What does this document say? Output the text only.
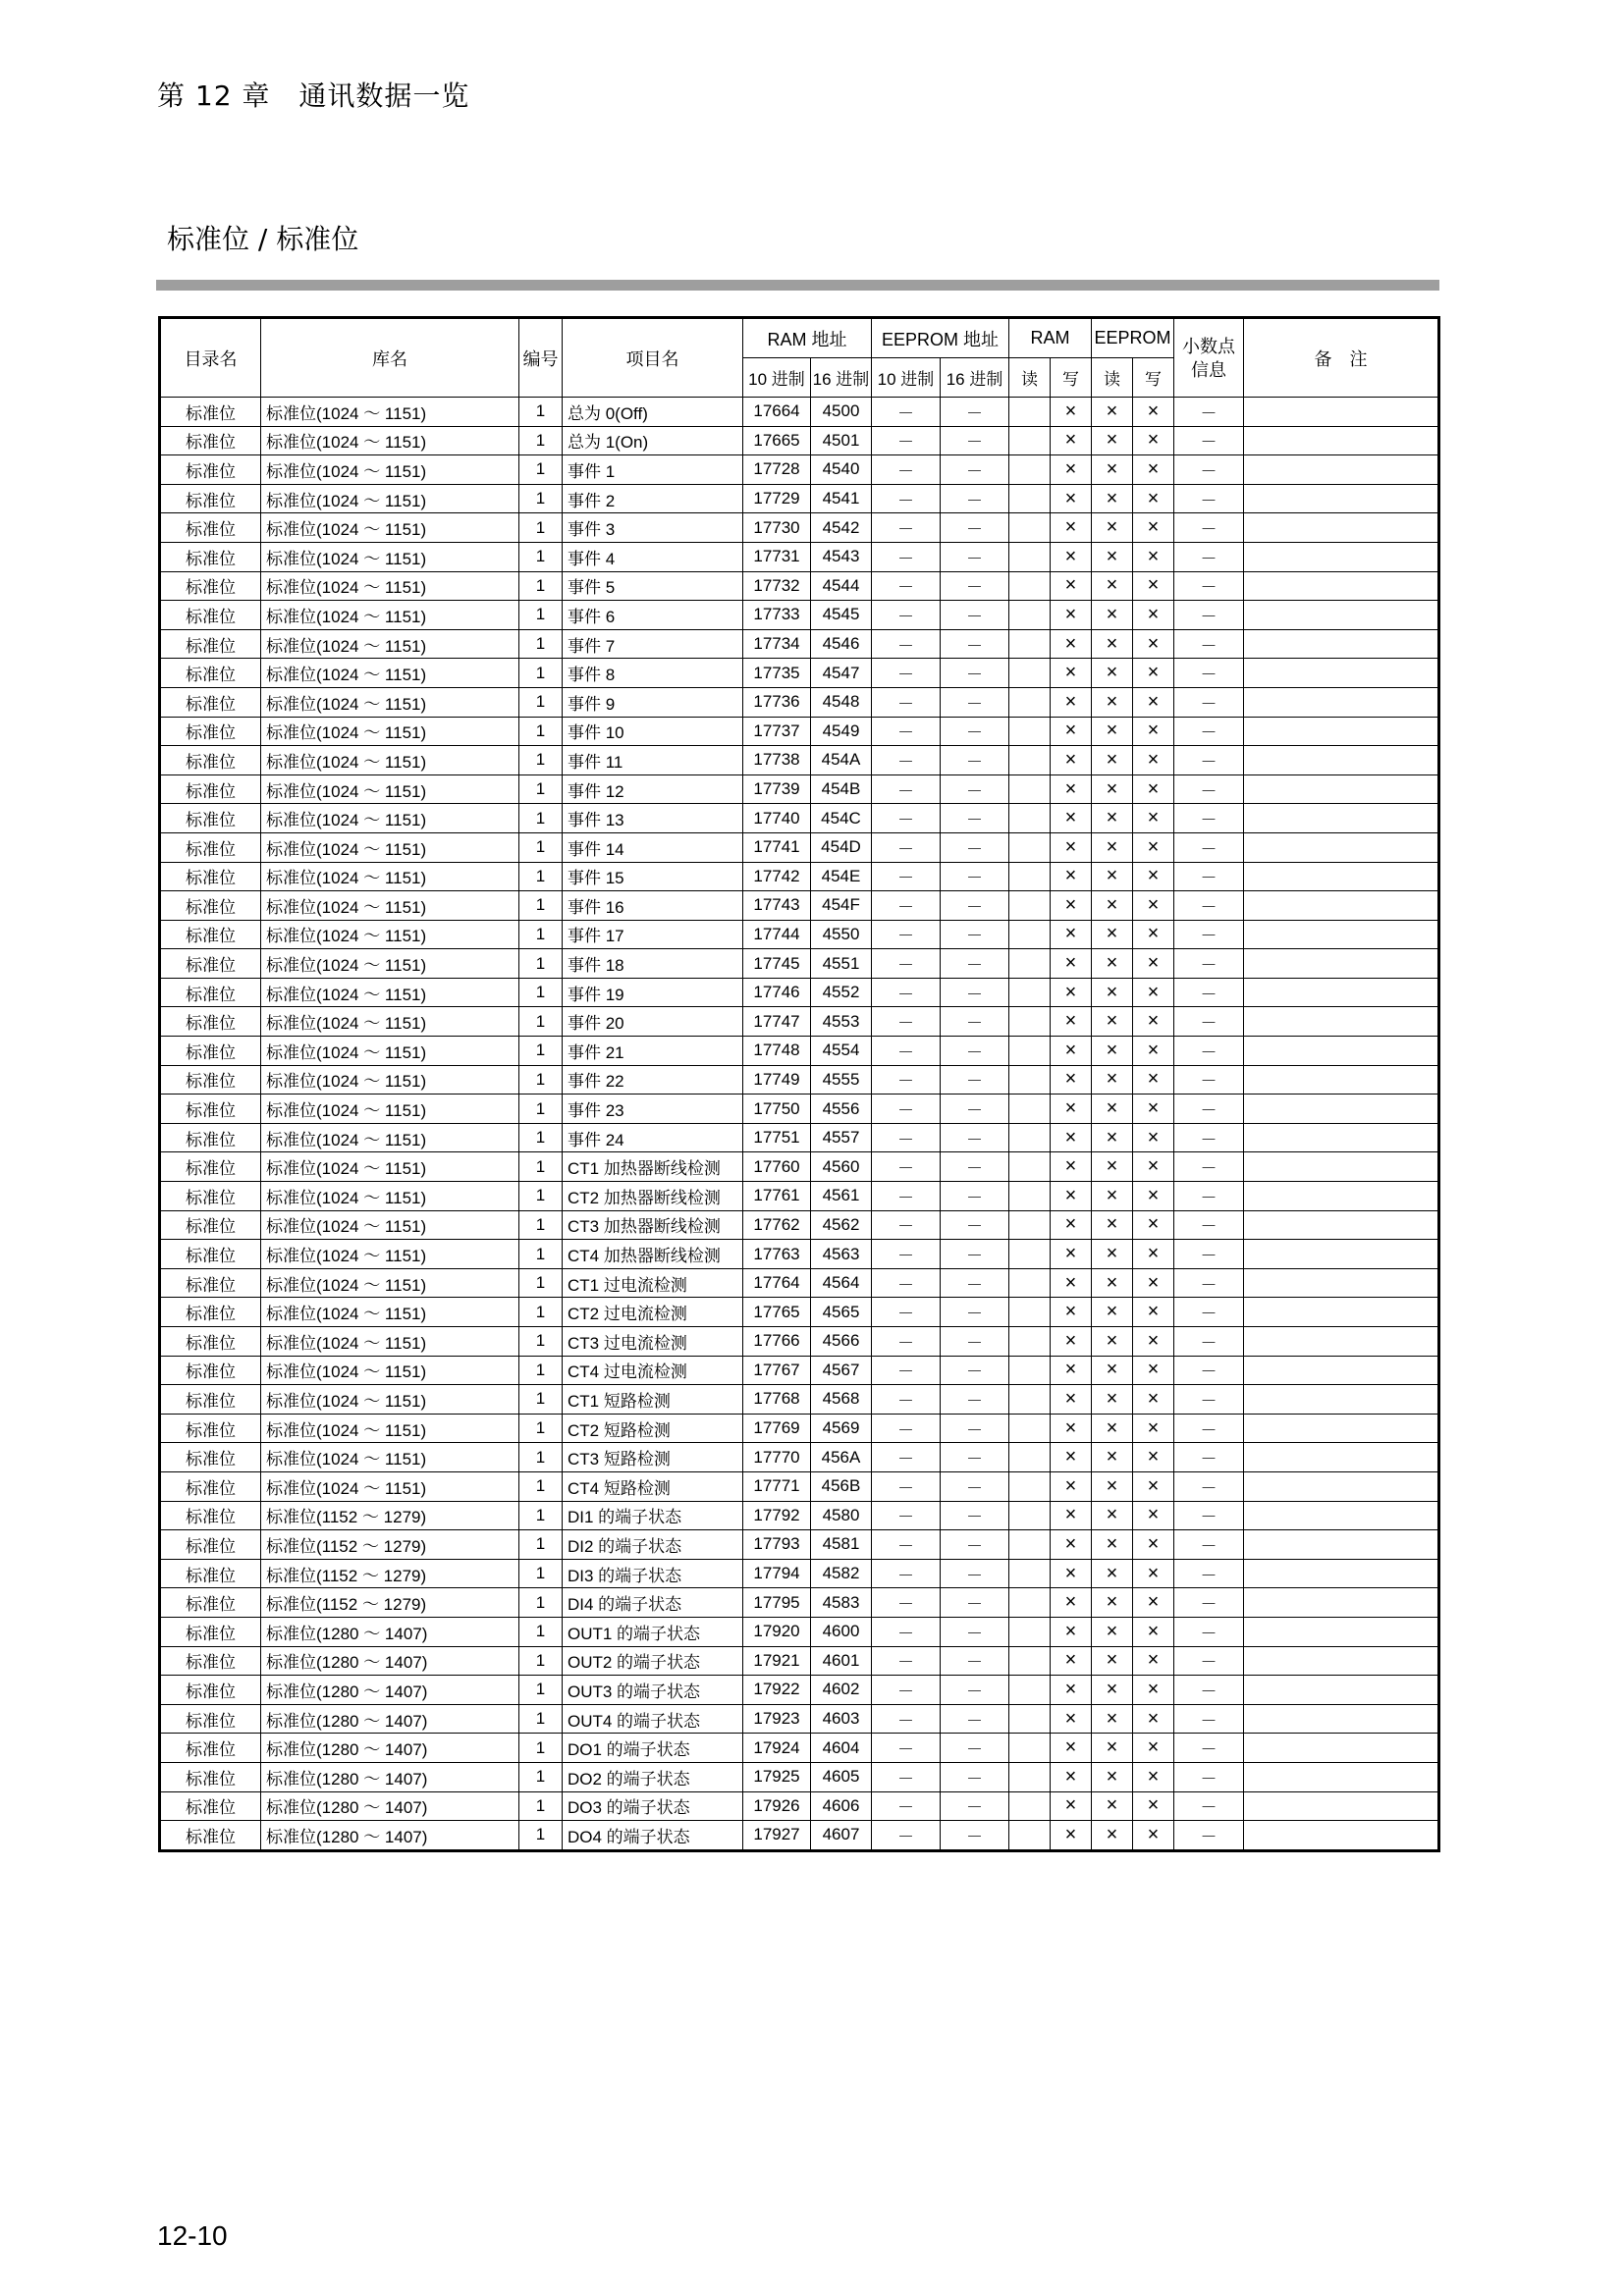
第 12 章　通讯数据一览
标准位 / 标准位
目录名	库名	编号	项目名	RAM 地址		EEPROM 地址		RAM		EEPROM		小数点信息	备　注
				10 进制	16 进制	10 进制	16 进制	读	写	读	写		
标准位	标准位(1024 ～ 1151)	1	总为 0(Off)	17664	4500	－	－		×	×	×	－	
标准位	标准位(1024 ～ 1151)	1	总为 1(On)	17665	4501	－	－		×	×	×	－	
标准位	标准位(1024 ～ 1151)	1	事件 1	17728	4540	－	－		×	×	×	－	
标准位	标准位(1024 ～ 1151)	1	事件 2	17729	4541	－	－		×	×	×	－	
标准位	标准位(1024 ～ 1151)	1	事件 3	17730	4542	－	－		×	×	×	－	
标准位	标准位(1024 ～ 1151)	1	事件 4	17731	4543	－	－		×	×	×	－	
标准位	标准位(1024 ～ 1151)	1	事件 5	17732	4544	－	－		×	×	×	－	
标准位	标准位(1024 ～ 1151)	1	事件 6	17733	4545	－	－		×	×	×	－	
标准位	标准位(1024 ～ 1151)	1	事件 7	17734	4546	－	－		×	×	×	－	
标准位	标准位(1024 ～ 1151)	1	事件 8	17735	4547	－	－		×	×	×	－	
标准位	标准位(1024 ～ 1151)	1	事件 9	17736	4548	－	－		×	×	×	－	
标准位	标准位(1024 ～ 1151)	1	事件 10	17737	4549	－	－		×	×	×	－	
标准位	标准位(1024 ～ 1151)	1	事件 11	17738	454A	－	－		×	×	×	－	
标准位	标准位(1024 ～ 1151)	1	事件 12	17739	454B	－	－		×	×	×	－	
标准位	标准位(1024 ～ 1151)	1	事件 13	17740	454C	－	－		×	×	×	－	
标准位	标准位(1024 ～ 1151)	1	事件 14	17741	454D	－	－		×	×	×	－	
标准位	标准位(1024 ～ 1151)	1	事件 15	17742	454E	－	－		×	×	×	－	
标准位	标准位(1024 ～ 1151)	1	事件 16	17743	454F	－	－		×	×	×	－	
标准位	标准位(1024 ～ 1151)	1	事件 17	17744	4550	－	－		×	×	×	－	
标准位	标准位(1024 ～ 1151)	1	事件 18	17745	4551	－	－		×	×	×	－	
标准位	标准位(1024 ～ 1151)	1	事件 19	17746	4552	－	－		×	×	×	－	
标准位	标准位(1024 ～ 1151)	1	事件 20	17747	4553	－	－		×	×	×	－	
标准位	标准位(1024 ～ 1151)	1	事件 21	17748	4554	－	－		×	×	×	－	
标准位	标准位(1024 ～ 1151)	1	事件 22	17749	4555	－	－		×	×	×	－	
标准位	标准位(1024 ～ 1151)	1	事件 23	17750	4556	－	－		×	×	×	－	
标准位	标准位(1024 ～ 1151)	1	事件 24	17751	4557	－	－		×	×	×	－	
标准位	标准位(1024 ～ 1151)	1	CT1 加热器断线检测	17760	4560	－	－		×	×	×	－	
标准位	标准位(1024 ～ 1151)	1	CT2 加热器断线检测	17761	4561	－	－		×	×	×	－	
标准位	标准位(1024 ～ 1151)	1	CT3 加热器断线检测	17762	4562	－	－		×	×	×	－	
标准位	标准位(1024 ～ 1151)	1	CT4 加热器断线检测	17763	4563	－	－		×	×	×	－	
标准位	标准位(1024 ～ 1151)	1	CT1 过电流检测	17764	4564	－	－		×	×	×	－	
标准位	标准位(1024 ～ 1151)	1	CT2 过电流检测	17765	4565	－	－		×	×	×	－	
标准位	标准位(1024 ～ 1151)	1	CT3 过电流检测	17766	4566	－	－		×	×	×	－	
标准位	标准位(1024 ～ 1151)	1	CT4 过电流检测	17767	4567	－	－		×	×	×	－	
标准位	标准位(1024 ～ 1151)	1	CT1 短路检测	17768	4568	－	－		×	×	×	－	
标准位	标准位(1024 ～ 1151)	1	CT2 短路检测	17769	4569	－	－		×	×	×	－	
标准位	标准位(1024 ～ 1151)	1	CT3 短路检测	17770	456A	－	－		×	×	×	－	
标准位	标准位(1024 ～ 1151)	1	CT4 短路检测	17771	456B	－	－		×	×	×	－	
标准位	标准位(1152 ～ 1279)	1	DI1 的端子状态	17792	4580	－	－		×	×	×	－	
标准位	标准位(1152 ～ 1279)	1	DI2 的端子状态	17793	4581	－	－		×	×	×	－	
标准位	标准位(1152 ～ 1279)	1	DI3 的端子状态	17794	4582	－	－		×	×	×	－	
标准位	标准位(1152 ～ 1279)	1	DI4 的端子状态	17795	4583	－	－		×	×	×	－	
标准位	标准位(1280 ～ 1407)	1	OUT1 的端子状态	17920	4600	－	－		×	×	×	－	
标准位	标准位(1280 ～ 1407)	1	OUT2 的端子状态	17921	4601	－	－		×	×	×	－	
标准位	标准位(1280 ～ 1407)	1	OUT3 的端子状态	17922	4602	－	－		×	×	×	－	
标准位	标准位(1280 ～ 1407)	1	OUT4 的端子状态	17923	4603	－	－		×	×	×	－	
标准位	标准位(1280 ～ 1407)	1	DO1 的端子状态	17924	4604	－	－		×	×	×	－	
标准位	标准位(1280 ～ 1407)	1	DO2 的端子状态	17925	4605	－	－		×	×	×	－	
标准位	标准位(1280 ～ 1407)	1	DO3 的端子状态	17926	4606	－	－		×	×	×	－	
标准位	标准位(1280 ～ 1407)	1	DO4 的端子状态	17927	4607	－	－		×	×	×	－	
12-10
